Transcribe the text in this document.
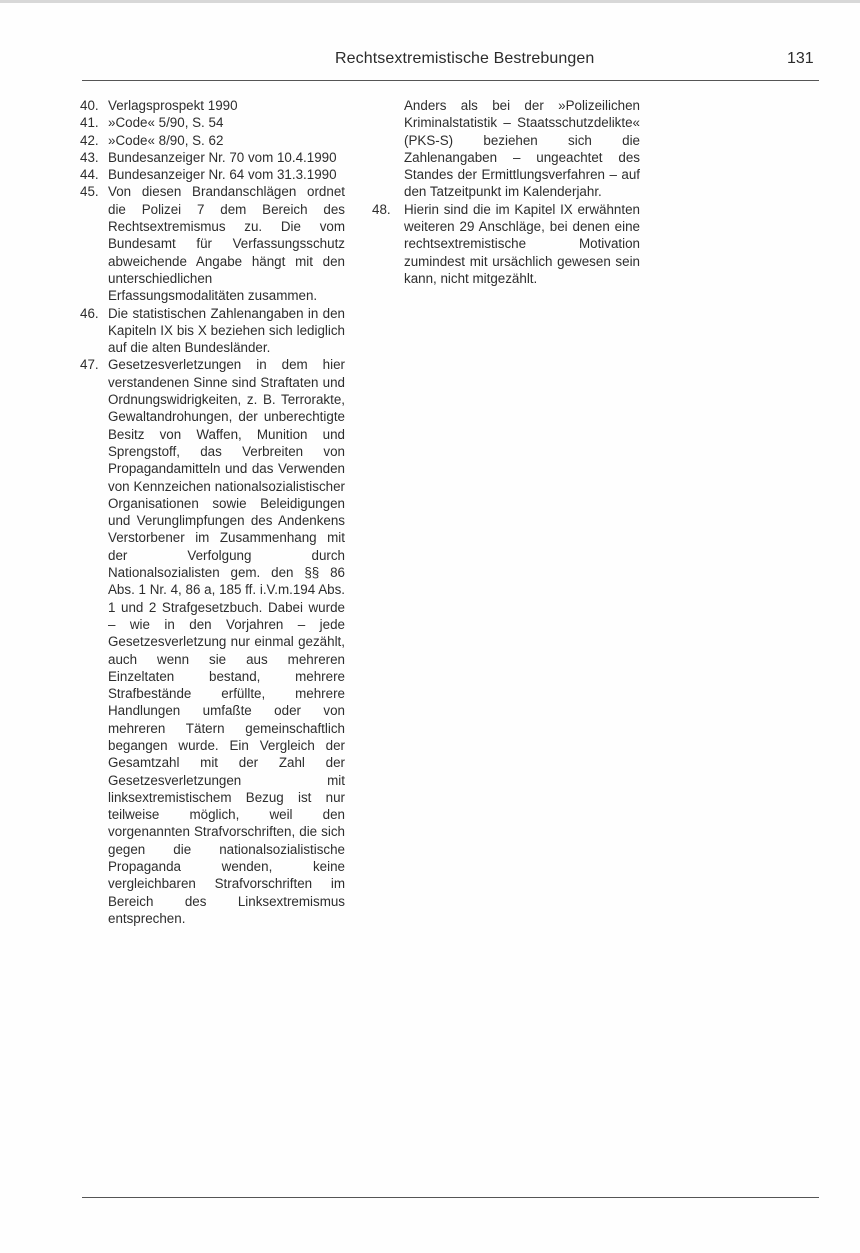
Rechtsextremistische Bestrebungen	131

40. Verlagsprospekt 1990

41. »Code« 5/90, S. 54

42. »Code« 8/90, S. 62

43. Bundesanzeiger Nr. 70 vom 10.4.1990

44. Bundesanzeiger Nr. 64 vom 31.3.1990

45. Von diesen Brandanschlägen ordnet die Polizei 7 dem Bereich des Rechtsextremismus zu. Die vom Bundesamt für Verfassungsschutz abweichende Angabe hängt mit den unterschiedlichen Erfassungsmodalitäten zusammen.

46. Die statistischen Zahlenangaben in den Kapiteln IX bis X beziehen sich lediglich auf die alten Bundesländer.

47. Gesetzesverletzungen in dem hier verstandenen Sinne sind Straftaten und Ordnungswidrigkeiten, z. B. Terrorakte, Gewaltandrohungen, der unberechtigte Besitz von Waffen, Munition und Sprengstoff, das Verbreiten von Propagandamitteln und das Verwenden von Kennzeichen nationalsozialistischer Organisationen sowie Beleidigungen und Verunglimpfungen des Andenkens Verstorbener im Zusammenhang mit der Verfolgung durch Nationalsozialisten gem. den §§ 86 Abs. 1 Nr. 4, 86 a, 185 ff. i.V.m.194 Abs. 1 und 2 Strafgesetzbuch. Dabei wurde – wie in den Vorjahren – jede Gesetzesverletzung nur einmal gezählt, auch wenn sie aus mehreren Einzeltaten bestand, mehrere Strafbestände erfüllte, mehrere Handlungen umfaßte oder von mehreren Tätern gemeinschaftlich begangen wurde. Ein Vergleich der Gesamtzahl mit der Zahl der Gesetzesverletzungen mit linksextremistischem Bezug ist nur teilweise möglich, weil den vorgenannten Strafvorschriften, die sich gegen die nationalsozialistische Propaganda wenden, keine vergleichbaren Strafvorschriften im Bereich des Linksextremismus entsprechen.

Anders als bei der »Polizeilichen Kriminalstatistik – Staatsschutzdelikte« (PKS-S) beziehen sich die Zahlenangaben – ungeachtet des Standes der Ermittlungsverfahren – auf den Tatzeitpunkt im Kalenderjahr.

48. Hierin sind die im Kapitel IX erwähnten weiteren 29 Anschläge, bei denen eine rechtsextremistische Motivation zumindest mit ursächlich gewesen sein kann, nicht mitgezählt.
